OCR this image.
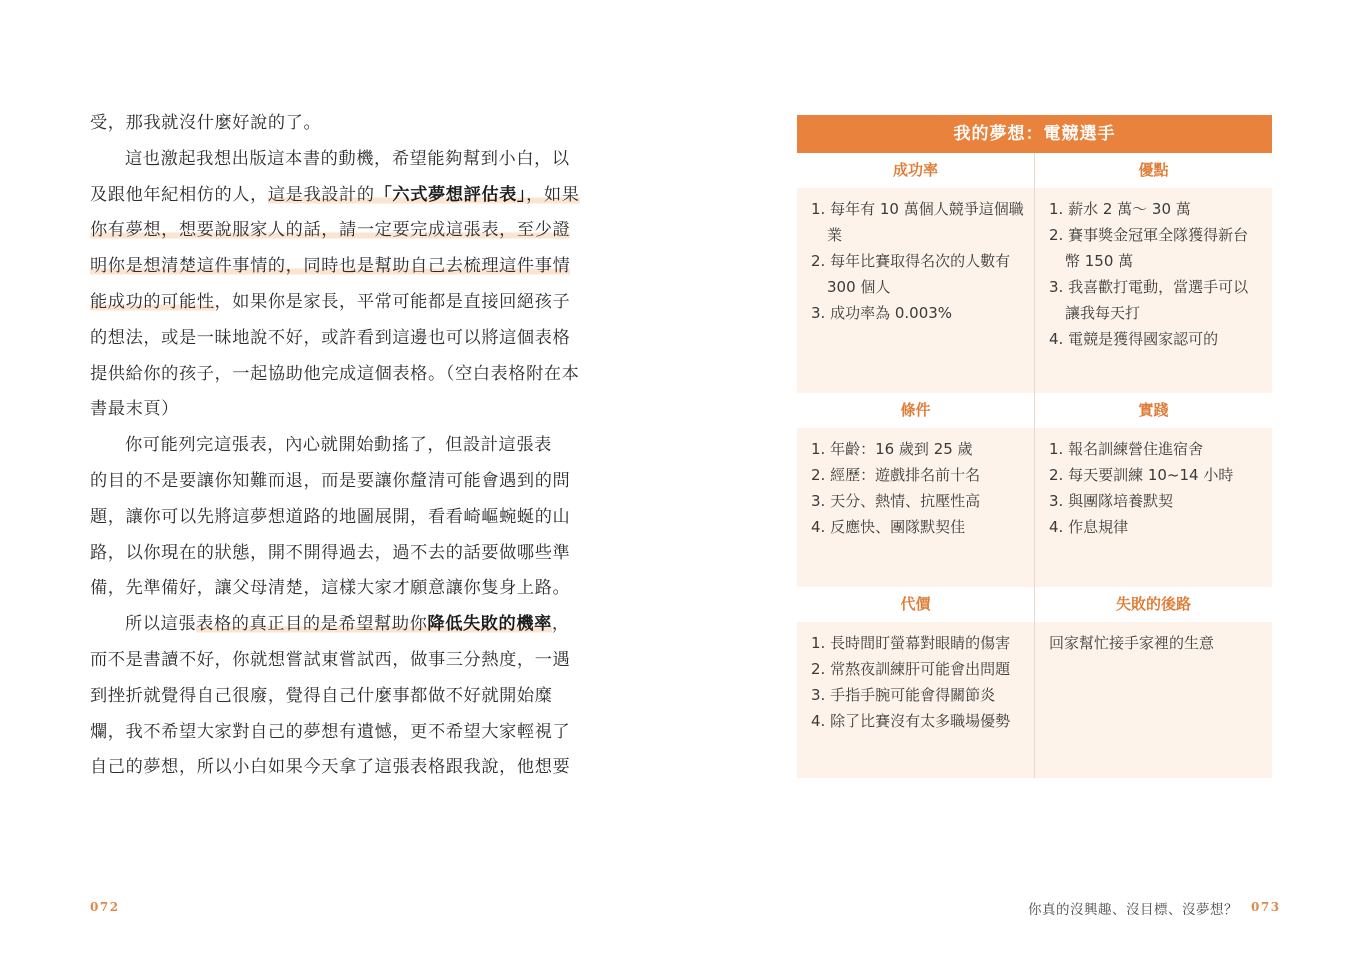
受，那我就沒什麼好說的了。
這也激起我想出版這本書的動機，希望能夠幫到小白，以
及跟他年紀相仿的人，這是我設計的「六式夢想評估表」，如果
你有夢想，想要說服家人的話，請一定要完成這張表，至少證
明你是想清楚這件事情的，同時也是幫助自己去梳理這件事情
能成功的可能性，如果你是家長，平常可能都是直接回絕孩子
的想法，或是一昧地說不好，或許看到這邊也可以將這個表格
提供給你的孩子，一起協助他完成這個表格。（空白表格附在本
書最末頁）
你可能列完這張表，內心就開始動搖了，但設計這張表
的目的不是要讓你知難而退，而是要讓你釐清可能會遇到的問
題，讓你可以先將這夢想道路的地圖展開，看看崎嶇蜿蜒的山
路，以你現在的狀態，開不開得過去，過不去的話要做哪些準
備，先準備好，讓父母清楚，這樣大家才願意讓你隻身上路。
所以這張表格的真正目的是希望幫助你降低失敗的機率，
而不是書讀不好，你就想嘗試東嘗試西，做事三分熱度，一遇
到挫折就覺得自己很廢，覺得自己什麼事都做不好就開始糜
爛，我不希望大家對自己的夢想有遺憾，更不希望大家輕視了
自己的夢想，所以小白如果今天拿了這張表格跟我說，他想要
072
我的夢想：電競選手
成功率
1. 每年有 10 萬個人競爭這個職業
2. 每年比賽取得名次的人數有 300 個人
3. 成功率為 0.003%
優點
1. 薪水 2 萬～ 30 萬
2. 賽事獎金冠軍全隊獲得新台幣 150 萬
3. 我喜歡打電動，當選手可以讓我每天打
4. 電競是獲得國家認可的
條件
1. 年齡：16 歲到 25 歲
2. 經歷：遊戲排名前十名
3. 天分、熱情、抗壓性高
4. 反應快、團隊默契佳
實踐
1. 報名訓練營住進宿舍
2. 每天要訓練 10~14 小時
3. 與團隊培養默契
4. 作息規律
代價
1. 長時間盯螢幕對眼睛的傷害
2. 常熬夜訓練肝可能會出問題
3. 手指手腕可能會得關節炎
4. 除了比賽沒有太多職場優勢
失敗的後路
回家幫忙接手家裡的生意
你真的沒興趣、沒目標、沒夢想？ 073
